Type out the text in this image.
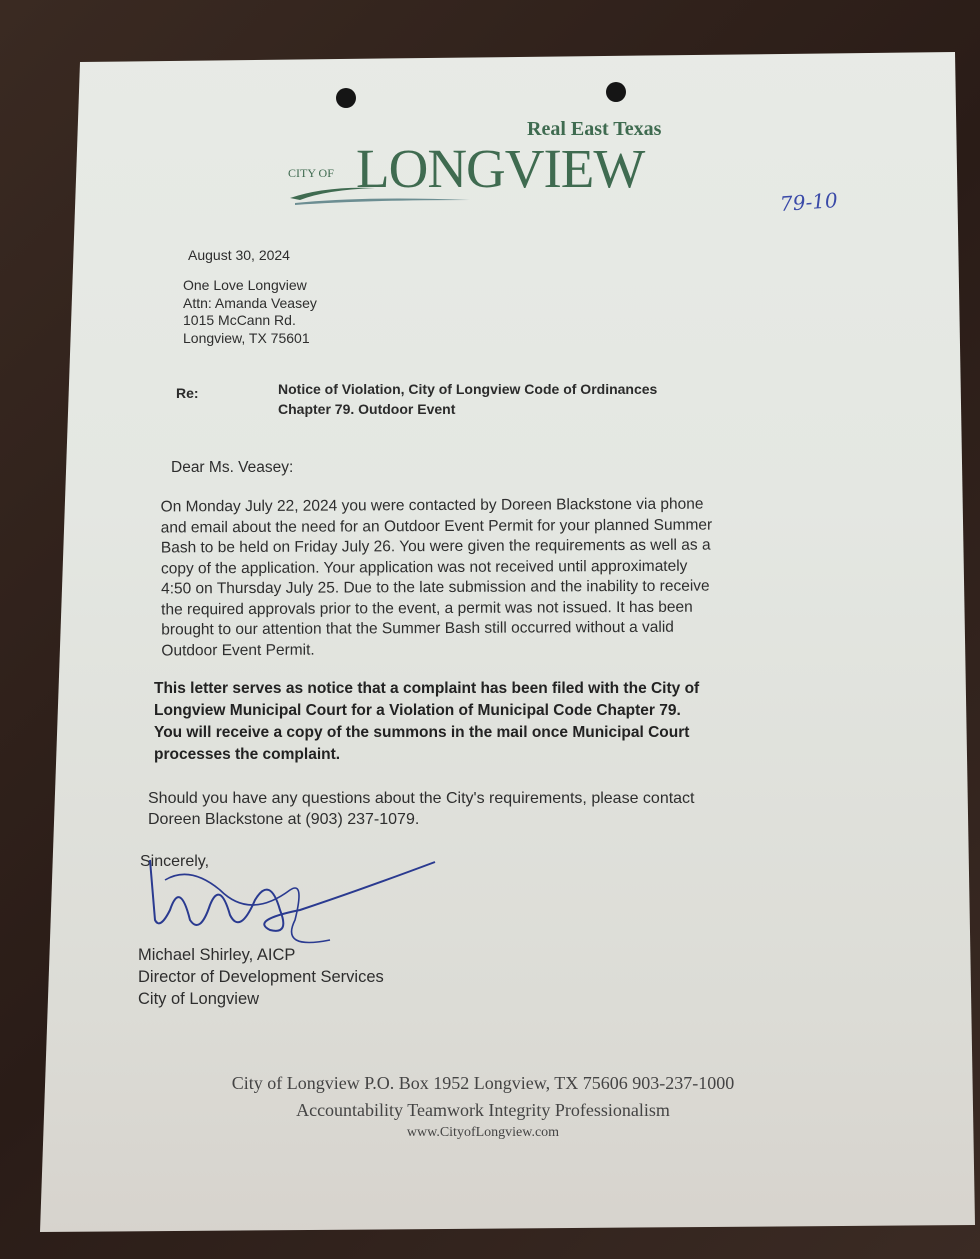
Real East Texas
CITY OF LONGVIEW
79-10
August 30, 2024
One Love Longview
Attn: Amanda Veasey
1015 McCann Rd.
Longview, TX 75601
Re:	Notice of Violation, City of Longview Code of Ordinances
Chapter 79. Outdoor Event
Dear Ms. Veasey:
On Monday July 22, 2024 you were contacted by Doreen Blackstone via phone
and email about the need for an Outdoor Event Permit for your planned Summer
Bash to be held on Friday July 26. You were given the requirements as well as a
copy of the application. Your application was not received until approximately
4:50 on Thursday July 25. Due to the late submission and the inability to receive
the required approvals prior to the event, a permit was not issued. It has been
brought to our attention that the Summer Bash still occurred without a valid
Outdoor Event Permit.
This letter serves as notice that a complaint has been filed with the City of
Longview Municipal Court for a Violation of Municipal Code Chapter 79.
You will receive a copy of the summons in the mail once Municipal Court
processes the complaint.
Should you have any questions about the City's requirements, please contact
Doreen Blackstone at (903) 237-1079.
Sincerely,
Michael Shirley, AICP
Director of Development Services
City of Longview
City of Longview P.O. Box 1952 Longview, TX 75606 903-237-1000
Accountability Teamwork Integrity Professionalism
www.CityofLongview.com
